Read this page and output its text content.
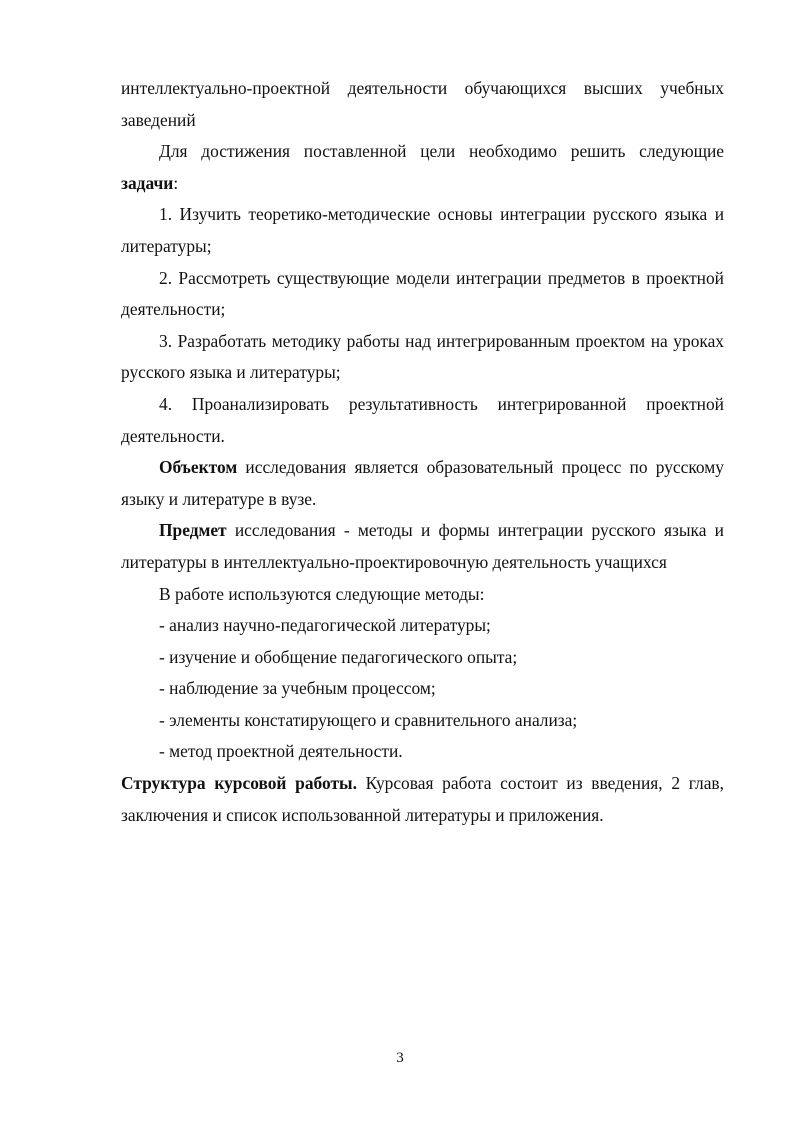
интеллектуально-проектной деятельности обучающихся высших учебных заведений

Для достижения поставленной цели необходимо решить следующие задачи:

1. Изучить теоретико-методические основы интеграции русского языка и литературы;

2. Рассмотреть существующие модели интеграции предметов в проектной деятельности;

3. Разработать методику работы над интегрированным проектом на уроках русского языка и литературы;

4. Проанализировать результативность интегрированной проектной деятельности.

Объектом исследования является образовательный процесс по русскому языку и литературе в вузе.

Предмет исследования - методы и формы интеграции русского языка и литературы в интеллектуально-проектировочную деятельность учащихся

В работе используются следующие методы:

- анализ научно-педагогической литературы;

- изучение и обобщение педагогического опыта;

- наблюдение за учебным процессом;

- элементы констатирующего и сравнительного анализа;

- метод проектной деятельности.

Структура курсовой работы. Курсовая работа состоит из введения, 2 глав, заключения и список использованной литературы и приложения.

3
